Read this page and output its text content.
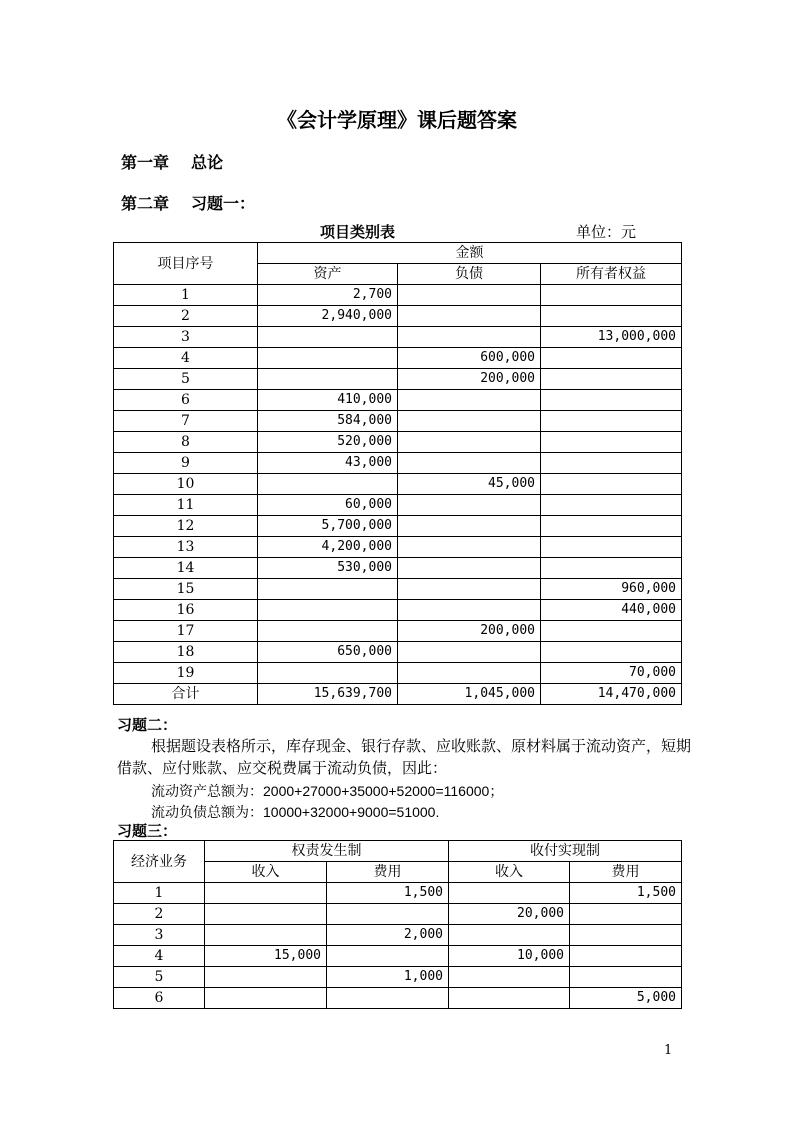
《会计学原理》课后题答案
第一章 总论
第二章 习题一：
项目类别表	单位：元
项目序号	金额		
	资产	负债	所有者权益
1	2,700		
2	2,940,000		
3			13,000,000
4		600,000	
5		200,000	
6	410,000		
7	584,000		
8	520,000		
9	43,000		
10		45,000	
11	60,000		
12	5,700,000		
13	4,200,000		
14	530,000		
15			960,000
16			440,000
17		200,000	
18	650,000		
19			70,000
合计	15,639,700	1,045,000	14,470,000
习题二：
根据题设表格所示，库存现金、银行存款、应收账款、原材料属于流动资产，短期借款、应付账款、应交税费属于流动负债，因此：
流动资产总额为：2000+27000+35000+52000=116000；
流动负债总额为：10000+32000+9000=51000.
习题三：
经济业务	权责发生制		收付实现制	
	收入	费用	收入	费用
1		1,500		1,500
2			20,000	
3		2,000		
4	15,000		10,000	
5		1,000		
6				5,000
1
